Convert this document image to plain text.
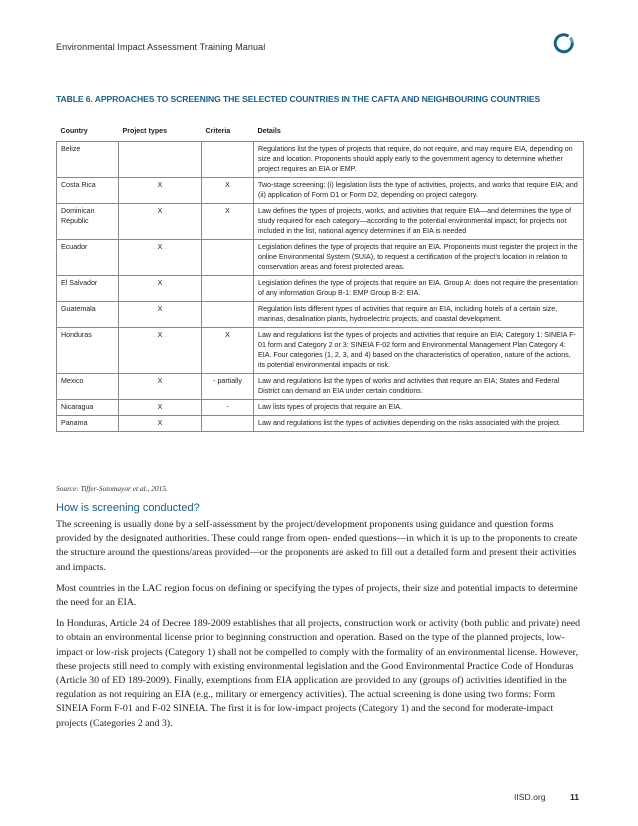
Environmental Impact Assessment Training Manual
TABLE 6. APPROACHES TO SCREENING THE SELECTED COUNTRIES IN THE CAFTA AND NEIGHBOURING COUNTRIES
Country	Project types	Criteria	Details
Belize			Regulations list the types of projects that require, do not require, and may require EIA, depending on size and location. Proponents should apply early to the government agency to determine whether project requires an EIA or EMP.
Costa Rica	X	X	Two-stage screening: (i) legislation lists the type of activities, projects, and works that require EIA; and (ii) application of Form D1 or Form D2, depending on project category.
Dominican Republic	X	X	Law defines the types of projects, works, and activities that require EIA—and determines the type of study required for each category—according to the potential environmental impact; for projects not included in the list, national agency determines if an EIA is needed
Ecuador	X		Legislation defines the type of projects that require an EIA. Proponents must register the project in the online Environmental System (SUIA), to request a certification of the project’s location in relation to conservation areas and forest protected areas.
El Salvador	X		Legislation defines the type of projects that require an EIA. Group A: does not require the presentation of any information Group B-1: EMP Group B-2: EIA.
Guatemala	X		Regulation lists different types of activities that require an EIA, including hotels of a certain size, marinas, desalination plants, hydroelectric projects, and coastal development.
Honduras	X	X	Law and regulations list the types of projects and activities that require an EIA; Category 1: SINEIA F-01 form and Category 2 or 3: SINEIA F-02 form and Environmental Management Plan Category 4: EIA. Four categories (1, 2, 3, and 4) based on the characteristics of operation, nature of the actions, its potential environmental impacts or risk.
Mexico	X	- partially	Law and regulations list the types of works and activities that require an EIA; States and Federal District can demand an EIA under certain conditions.
Nicaragua	X	-	Law lists types of projects that require an EIA.
Panama	X		Law and regulations list the types of activities depending on the risks associated with the project.
Source: Tiffer-Sotomayor et al., 2015.
How is screening conducted?

The screening is usually done by a self-assessment by the project/development proponents using guidance and question forms provided by the designated authorities. These could range from open- ended questions—in which it is up to the proponents to create the structure around the questions/areas provided—or the proponents are asked to fill out a detailed form and present their activities and impacts.

Most countries in the LAC region focus on defining or specifying the types of projects, their size and potential impacts to determine the need for an EIA.

In Honduras, Article 24 of Decree 189-2009 establishes that all projects, construction work or activity (both public and private) need to obtain an environmental license prior to beginning construction and operation. Based on the type of the planned projects, low-impact or low-risk projects (Category 1) shall not be compelled to comply with the formality of an environmental license. However, these projects still need to comply with existing environmental legislation and the Good Environmental Practice Code of Honduras (Article 30 of ED 189-2009). Finally, exemptions from EIA application are provided to any (groups of) activities identified in the regulation as not requiring an EIA (e.g., military or emergency activities). The actual screening is done using two forms: Form SINEIA Form F-01 and F-02 SINEIA. The first it is for low-impact projects (Category 1) and the second for moderate-impact projects (Categories 2 and 3).

IISD.org	11
